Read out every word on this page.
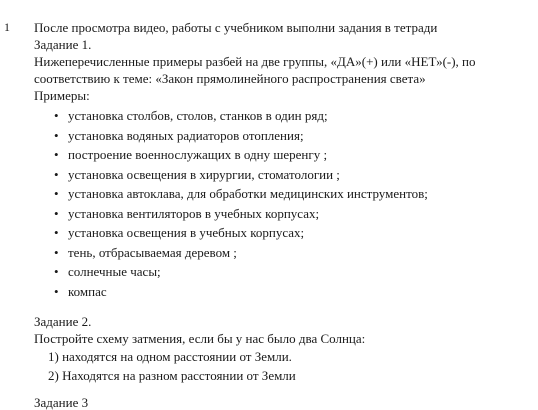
1 После просмотра видео, работы с учебником выполни задания в тетради
Задание 1.
Нижеперечисленные примеры разбей на две группы, «ДА»(+) или «НЕТ»(-), по
соответствию к теме: «Закон прямолинейного распространения света»
Примеры:
• установка столбов, столов, станков в один ряд;
• установка водяных радиаторов отопления;
• построение военнослужащих в одну шеренгу ;
• установка освещения в хирургии, стоматологии ;
• установка автоклава, для обработки медицинских инструментов;
• установка вентиляторов в учебных корпусах;
• установка освещения в учебных корпусах;
• тень, отбрасываемая деревом ;
• солнечные часы;
• компас
Задание 2.
Постройте схему затмения, если бы у нас было два Солнца:
1) находятся на одном расстоянии от Земли.
2) Находятся на разном расстоянии от Земли
Задание 3
